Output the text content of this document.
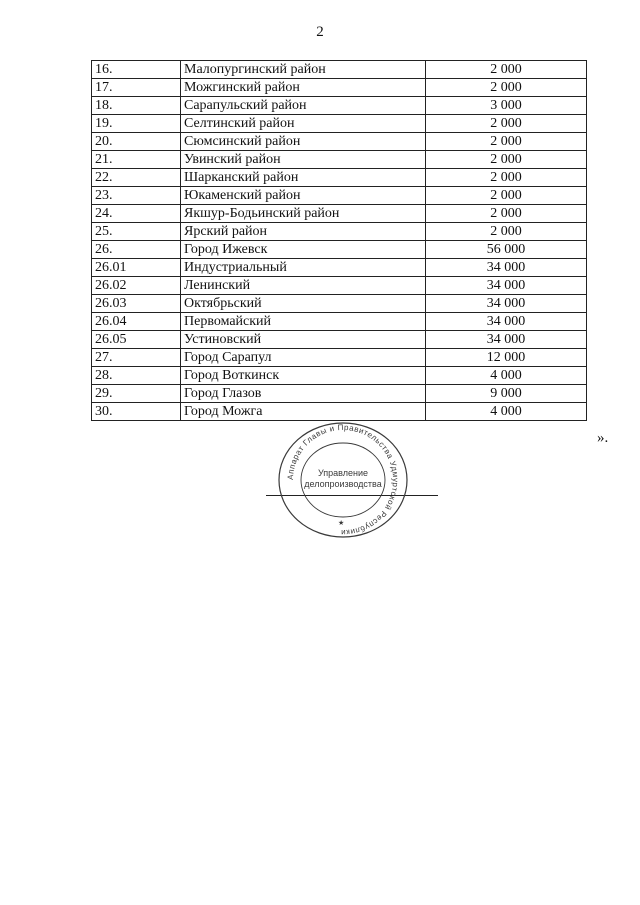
2
16.	Малопургинский район	2 000
17.	Можгинский район	2 000
18.	Сарапульский район	3 000
19.	Селтинский район	2 000
20.	Сюмсинский район	2 000
21.	Увинский район	2 000
22.	Шарканский район	2 000
23.	Юкаменский район	2 000
24.	Якшур-Бодьинский район	2 000
25.	Ярский район	2 000
26.	Город Ижевск	56 000
26.01	Индустриальный	34 000
26.02	Ленинский	34 000
26.03	Октябрьский	34 000
26.04	Первомайский	34 000
26.05	Устиновский	34 000
27.	Город Сарапул	12 000
28.	Город Воткинск	4 000
29.	Город Глазов	9 000
30.	Город Можга	4 000
».
Аппарат Главы и Правительства Удмуртской Республики
Управление
делопроизводства
★
